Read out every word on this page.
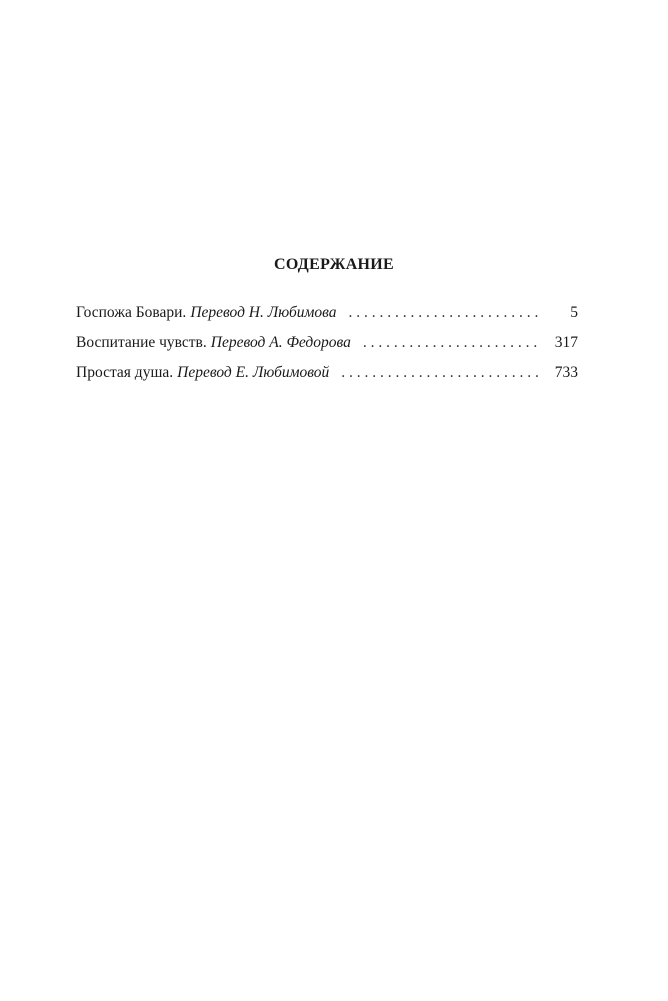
СОДЕРЖАНИЕ
Госпожа Бовари. Перевод Н. Любимова . . .	5
Воспитание чувств. Перевод А. Федорова . . .	317
Простая душа. Перевод Е. Любимовой . . .	733
